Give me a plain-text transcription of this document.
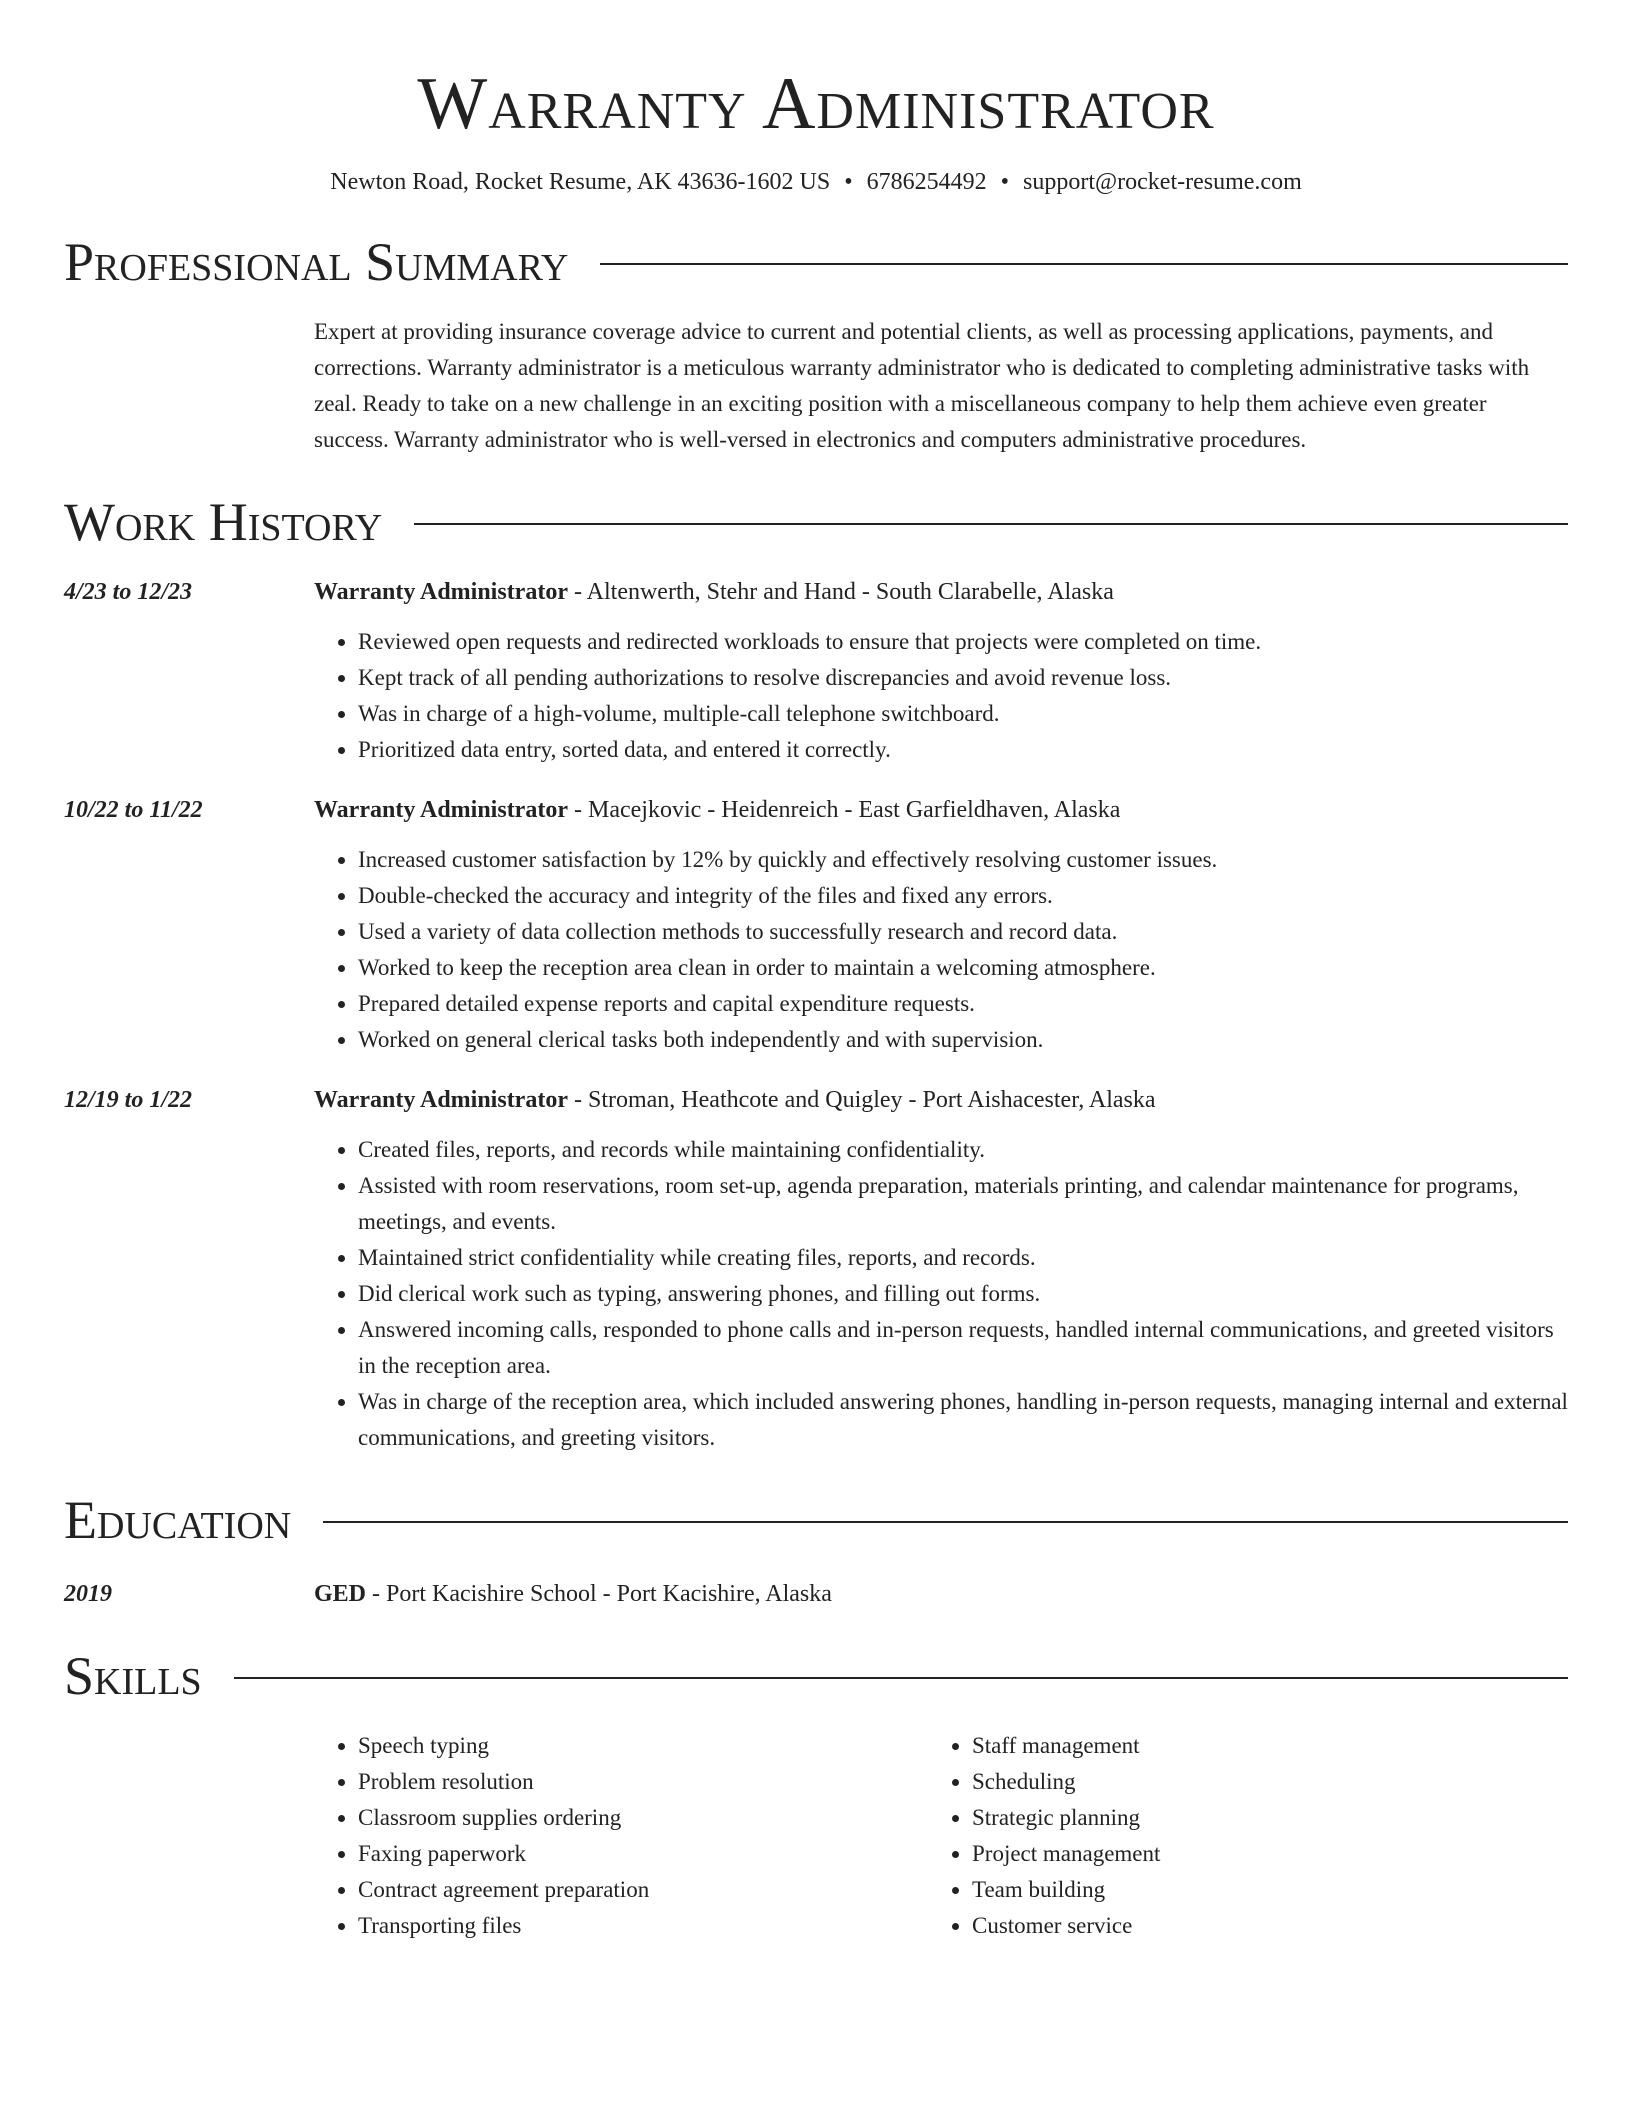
Warranty Administrator
Newton Road, Rocket Resume, AK 43636-1602 US • 6786254492 • support@rocket-resume.com
Professional Summary
Expert at providing insurance coverage advice to current and potential clients, as well as processing applications, payments, and corrections. Warranty administrator is a meticulous warranty administrator who is dedicated to completing administrative tasks with zeal. Ready to take on a new challenge in an exciting position with a miscellaneous company to help them achieve even greater success. Warranty administrator who is well-versed in electronics and computers administrative procedures.
Work History
4/23 to 12/23	Warranty Administrator - Altenwerth, Stehr and Hand - South Clarabelle, Alaska
• Reviewed open requests and redirected workloads to ensure that projects were completed on time.
• Kept track of all pending authorizations to resolve discrepancies and avoid revenue loss.
• Was in charge of a high-volume, multiple-call telephone switchboard.
• Prioritized data entry, sorted data, and entered it correctly.
10/22 to 11/22	Warranty Administrator - Macejkovic - Heidenreich - East Garfieldhaven, Alaska
• Increased customer satisfaction by 12% by quickly and effectively resolving customer issues.
• Double-checked the accuracy and integrity of the files and fixed any errors.
• Used a variety of data collection methods to successfully research and record data.
• Worked to keep the reception area clean in order to maintain a welcoming atmosphere.
• Prepared detailed expense reports and capital expenditure requests.
• Worked on general clerical tasks both independently and with supervision.
12/19 to 1/22	Warranty Administrator - Stroman, Heathcote and Quigley - Port Aishacester, Alaska
• Created files, reports, and records while maintaining confidentiality.
• Assisted with room reservations, room set-up, agenda preparation, materials printing, and calendar maintenance for programs, meetings, and events.
• Maintained strict confidentiality while creating files, reports, and records.
• Did clerical work such as typing, answering phones, and filling out forms.
• Answered incoming calls, responded to phone calls and in-person requests, handled internal communications, and greeted visitors in the reception area.
• Was in charge of the reception area, which included answering phones, handling in-person requests, managing internal and external communications, and greeting visitors.
Education
2019	GED - Port Kacishire School - Port Kacishire, Alaska
Skills
• Speech typing
• Problem resolution
• Classroom supplies ordering
• Faxing paperwork
• Contract agreement preparation
• Transporting files
• Staff management
• Scheduling
• Strategic planning
• Project management
• Team building
• Customer service
